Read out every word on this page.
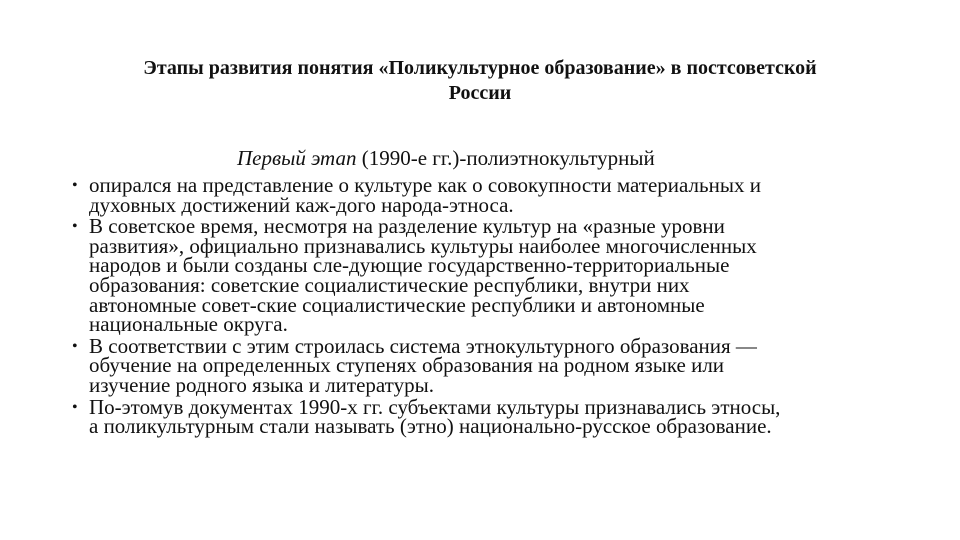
Этапы развития понятия «Поликультурное образование» в постсоветской
России
Первый этап (1990-е гг.)-полиэтнокультурный
• опирался на представление о культуре как о совокупности материальных и
духовных достижений каж-дого народа-этноса.
• В советское время, несмотря на разделение культур на «разные уровни
развития», официально признавались культуры наиболее многочисленных
народов и были созданы сле-дующие государственно-территориальные
образования: советские социалистические республики, внутри них
автономные совет-ские социалистические республики и автономные
национальные округа.
• В соответствии с этим строилась система этнокультурного образования —
обучение на определенных ступенях образования на родном языке или
изучение родного языка и литературы.
• По-этомув документах 1990-х гг. субъектами культуры признавались этносы,
а поликультурным стали называть (этно) национально-русское образование.
